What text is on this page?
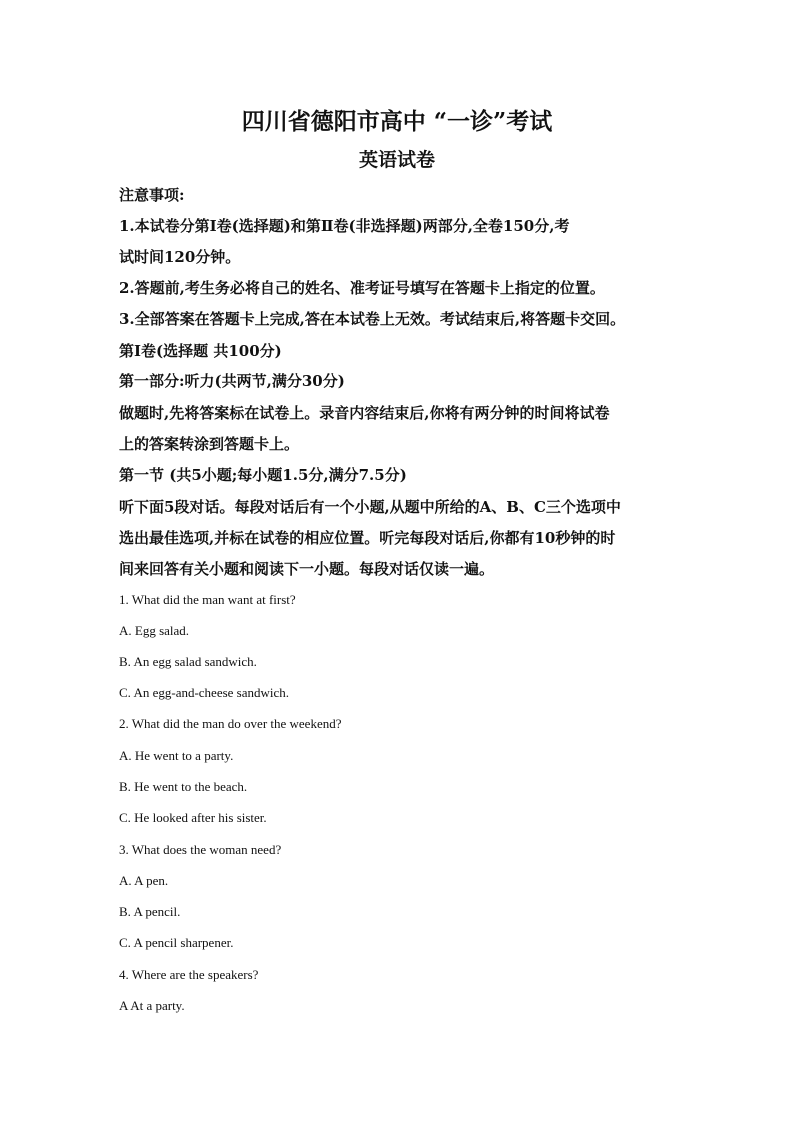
四川省德阳市高中 “一诊”考试
英语试卷
注意事项:
1.本试卷分第Ⅰ卷(选择题)和第Ⅱ卷(非选择题)两部分,全卷150分,考
试时间120分钟。
2.答题前,考生务必将自己的姓名、准考证号填写在答题卡上指定的位置。
3.全部答案在答题卡上完成,答在本试卷上无效。考试结束后,将答题卡交回。
第Ⅰ卷(选择题 共100分)
第一部分:听力(共两节,满分30分)
做题时,先将答案标在试卷上。录音内容结束后,你将有两分钟的时间将试卷
上的答案转涂到答题卡上。
第一节 (共5小题;每小题1.5分,满分7.5分)
听下面5段对话。每段对话后有一个小题,从题中所给的A、B、C三个选项中
选出最佳选项,并标在试卷的相应位置。听完每段对话后,你都有10秒钟的时
间来回答有关小题和阅读下一小题。每段对话仅读一遍。
1. What did the man want at first?
A. Egg salad.
B. An egg salad sandwich.
C. An egg-and-cheese sandwich.
2. What did the man do over the weekend?
A. He went to a party.
B. He went to the beach.
C. He looked after his sister.
3. What does the woman need?
A. A pen.
B. A pencil.
C. A pencil sharpener.
4. Where are the speakers?
A At a party.
